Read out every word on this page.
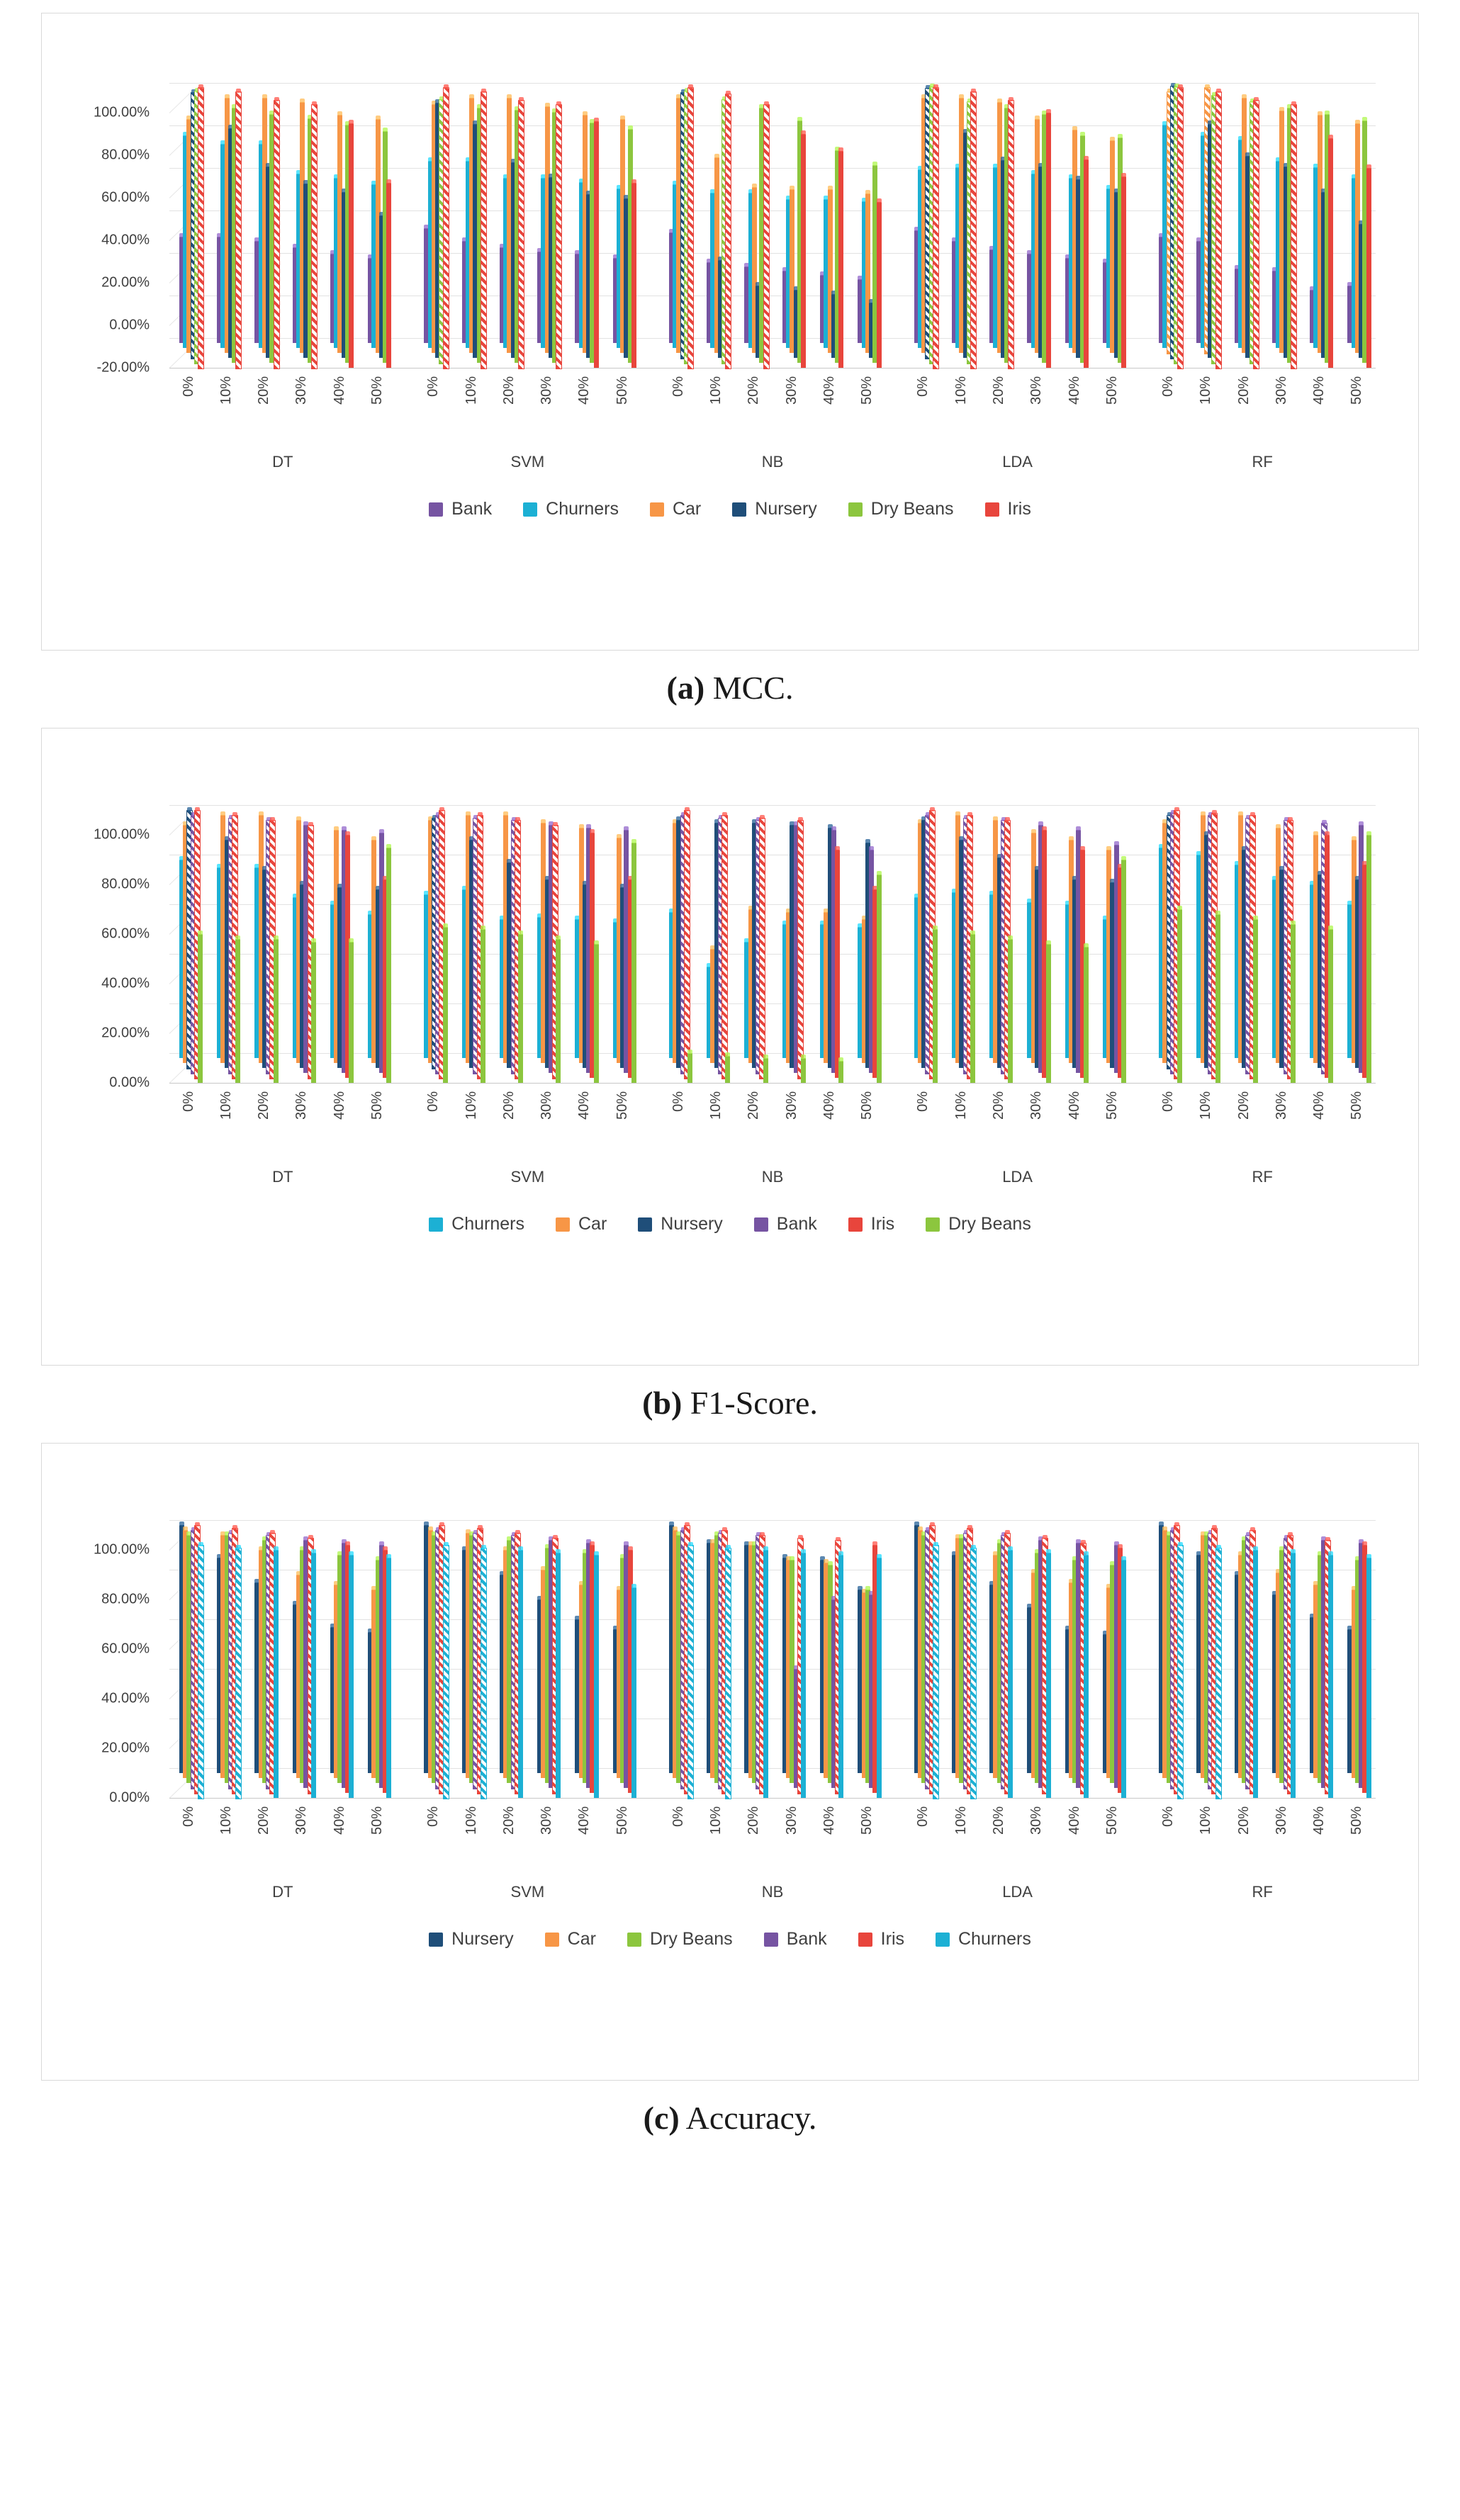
-20.00%
0.00%
20.00%
40.00%
60.00%
80.00%
100.00%
0% 10% 20% 30% 40% 50%
DT
0% 10% 20% 30% 40% 50%
SVM
0% 10% 20% 30% 40% 50%
NB
0% 10% 20% 30% 40% 50%
LDA
0% 10% 20% 30% 40% 50%
RF
Bank	Churners	Car	Nursery	Dry Beans	Iris
(a) MCC.
0.00%
20.00%
40.00%
60.00%
80.00%
100.00%
0% 10% 20% 30% 40% 50%
DT
0% 10% 20% 30% 40% 50%
SVM
0% 10% 20% 30% 40% 50%
NB
0% 10% 20% 30% 40% 50%
LDA
0% 10% 20% 30% 40% 50%
RF
Churners	Car	Nursery	Bank	Iris	Dry Beans
(b) F1-Score.
0.00%
20.00%
40.00%
60.00%
80.00%
100.00%
0% 10% 20% 30% 40% 50%
DT
0% 10% 20% 30% 40% 50%
SVM
0% 10% 20% 30% 40% 50%
NB
0% 10% 20% 30% 40% 50%
LDA
0% 10% 20% 30% 40% 50%
RF
Nursery	Car	Dry Beans	Bank	Iris	Churners
(c) Accuracy.
